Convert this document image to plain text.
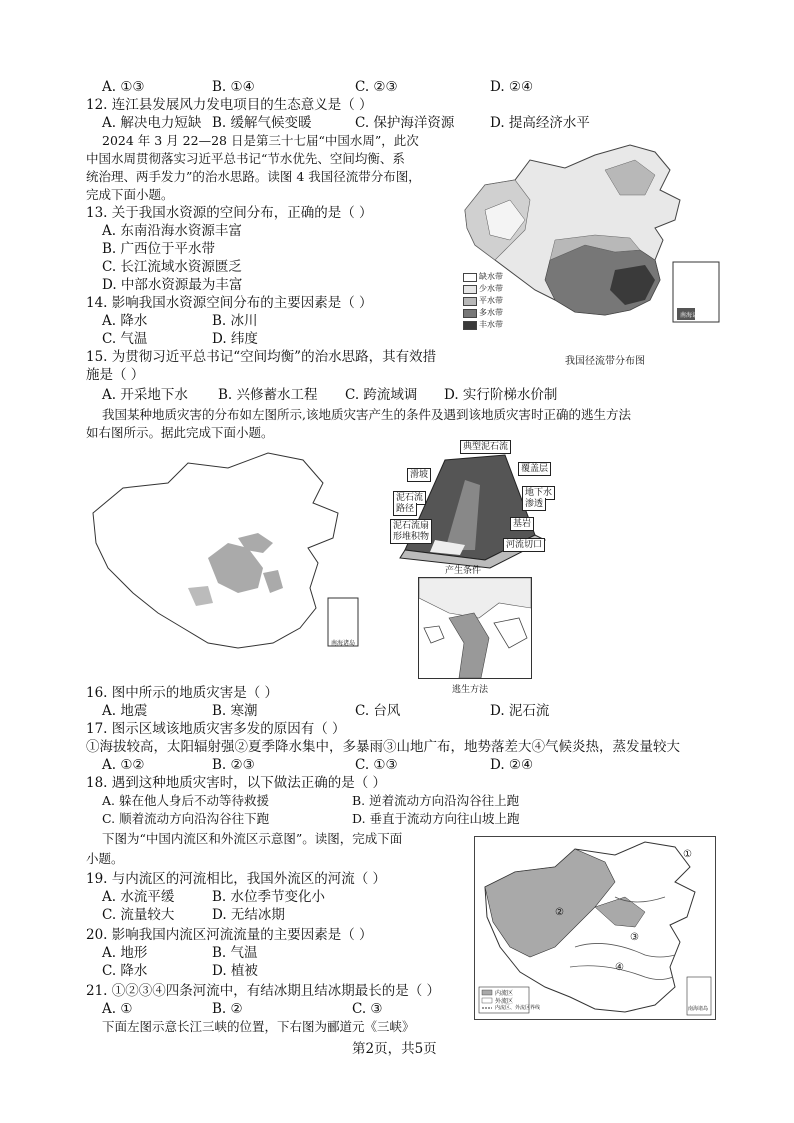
A. ①③	B. ①④	C. ②③	D. ②④
12. 连江县发展风力发电项目的生态意义是（ ）
A. 解决电力短缺 B. 缓解气候变暖	C. 保护海洋资源	D. 提高经济水平
2024 年 3 月 22—28 日是第三十七届“中国水周”，此次
中国水周贯彻落实习近平总书记“节水优先、空间均衡、系
统治理、两手发力”的治水思路。读图 4 我国径流带分布图，
完成下面小题。
13. 关于我国水资源的空间分布，正确的是（ ）
A. 东南沿海水资源丰富
B. 广西位于平水带
C. 长江流域水资源匮乏
D. 中部水资源最为丰富
14. 影响我国水资源空间分布的主要因素是（ ）
A. 降水	B. 冰川
C. 气温	D. 纬度
15. 为贯彻习近平总书记“空间均衡”的治水思路，其有效措
施是（ ）
A. 开采地下水 B. 兴修蓄水工程 C. 跨流域调 D. 实行阶梯水价制
缺水带
少水带
平水带
多水带
丰水带
南海诸岛
我国径流带分布图
我国某种地质灾害的分布如左图所示,该地质灾害产生的条件及遇到该地质灾害时正确的逃生方法
如右图所示。据此完成下面小题。
南海诸岛
典型泥石流
覆盖层
滑坡
地下水
渗透
泥石流
路径
泥石流扇
形堆积物
基岩
河流切口
产生条件
逃生方法
16. 图中所示的地质灾害是（ ）
A. 地震	B. 寒潮	C. 台风	D. 泥石流
17. 图示区域该地质灾害多发的原因有（ ）
①海拔较高，太阳辐射强②夏季降水集中，多暴雨③山地广布，地势落差大④气候炎热，蒸发量较大
A. ①②	B. ②③	C. ①③	D. ②④
18. 遇到这种地质灾害时，以下做法正确的是（ ）
A. 躲在他人身后不动等待救援	B. 逆着流动方向沿沟谷往上跑
C. 顺着流动方向沿沟谷往下跑	D. 垂直于流动方向往山坡上跑
下图为“中国内流区和外流区示意图”。读图，完成下面
小题。
19. 与内流区的河流相比，我国外流区的河流（ ）
A. 水流平缓	B. 水位季节变化小
C. 流量较大	D. 无结冰期
20. 影响我国内流区河流流量的主要因素是（ ）
A. 地形	B. 气温
C. 降水	D. 植被
21. ①②③④四条河流中，有结冰期且结冰期最长的是（ ）
A. ①	B. ②	C. ③
下面左图示意长江三峡的位置，下右图为郦道元《三峡》
内流区
外流区
内流区、外流区界线
①
②
③
④
南海诸岛
第2页，共5页
